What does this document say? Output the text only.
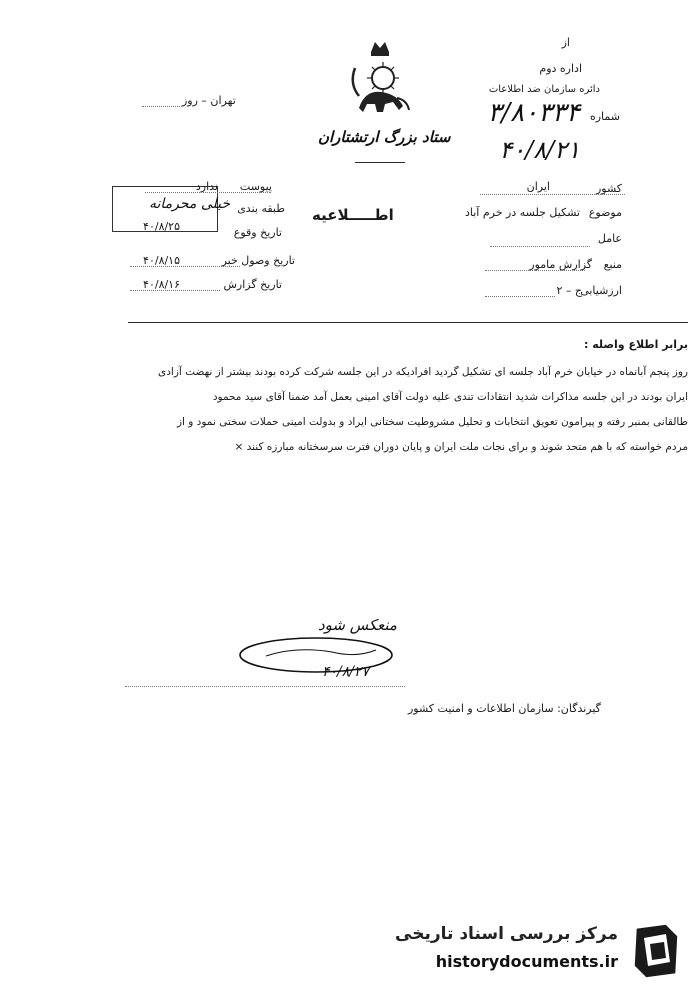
از
اداره دوم
دائره سازمان ضد اطلاعات
شماره
۳/۸۰۳۳۴
۴۰/۸/۲۱
ستاد بزرگ ارتشتاران
تهران – روز
پیوست
ندارد
طبقه بندی
خیلی محرمانه
تاریخ وقوع
۴۰/۸/۲۵
تاریخ وصول خبر
۴۰/۸/۱۵
تاریخ گزارش
۴۰/۸/۱۶
اطـــــلاعیه
کشور
ایران
موضوع
تشکیل جلسه در خرم آباد
عامل
منبع
گزارش مامور
ارزشیابی
ج – ۲
برابر اطلاع واصله :
روز پنجم آبانماه در خیابان خرم آباد جلسه ای تشکیل گردید افرادیکه در این جلسه شرکت کرده بودند بیشتر از نهضت آزادی
ایران بودند در این جلسه مذاکرات شدید انتقادات تندی علیه دولت آقای امینی بعمل آمد ضمنا آقای سید محمود
طالقانی بمنبر رفته و پیرامون تعویق انتخابات و تحلیل مشروطیت سختانی ایراد و بدولت امینی حملات سختی نمود و از
مردم خواسته که با هم متحد شوند و برای نجات ملت ایران و پایان دوران فترت سرسختانه مبارزه کنند ×
منعکس شود
۴۰/۸/۲۷
گیرندگان: سازمان اطلاعات و امنیت کشور
مرکز بررسی اسناد تاریخی
historydocuments.ir
